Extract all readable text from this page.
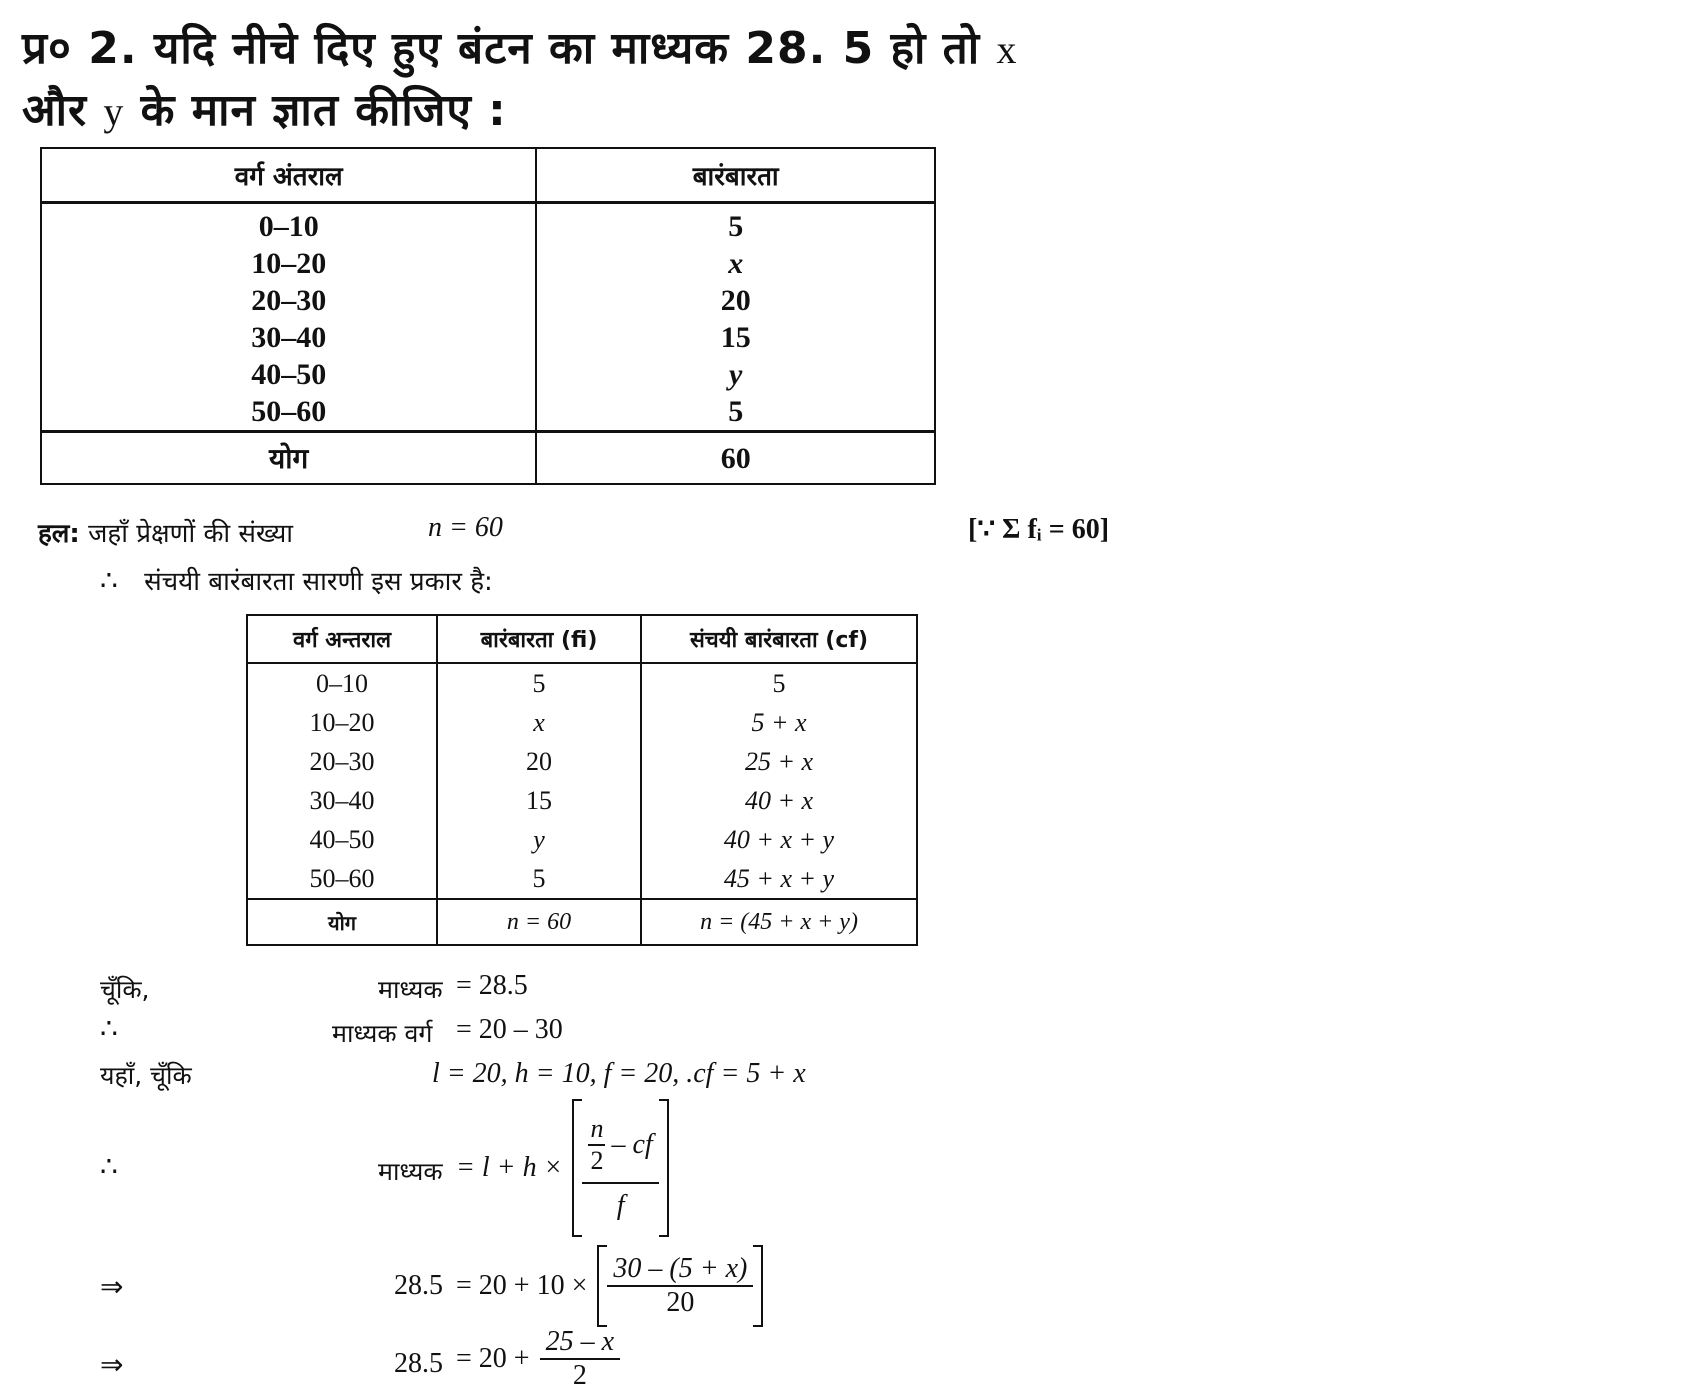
प्र० 2. यदि नीचे दिए हुए बंटन का माध्यक 28. 5 हो तो x
और y के मान ज्ञात कीजिए :
वर्ग अंतराल	बारंबारता
0–10	5
10–20	x
20–30	20
30–40	15
40–50	y
50–60	5
योग	60
हल: जहाँ प्रेक्षणों की संख्या	n = 60	[∵ Σ fᵢ = 60]
∴ संचयी बारंबारता सारणी इस प्रकार है:
वर्ग अन्तराल	बारंबारता (fi)	संचयी बारंबारता (cf)
0–10	5	5
10–20	x	5 + x
20–30	20	25 + x
30–40	15	40 + x
40–50	y	40 + x + y
50–60	5	45 + x + y
योग	n = 60	n = (45 + x + y)
चूँकि,	माध्यक = 28.5
∴	माध्यक वर्ग = 20 – 30
यहाँ, चूँकि	l = 20, h = 10, f = 20, .cf = 5 + x
∴	माध्यक = $l + h \times \frac{\frac{n}{2} - cf}{f}$
⇒	$28.5 = 20 + 10 \times \frac{30 - (5 + x)}{20}$
⇒	$28.5 = 20 + \frac{25 - x}{2}$
